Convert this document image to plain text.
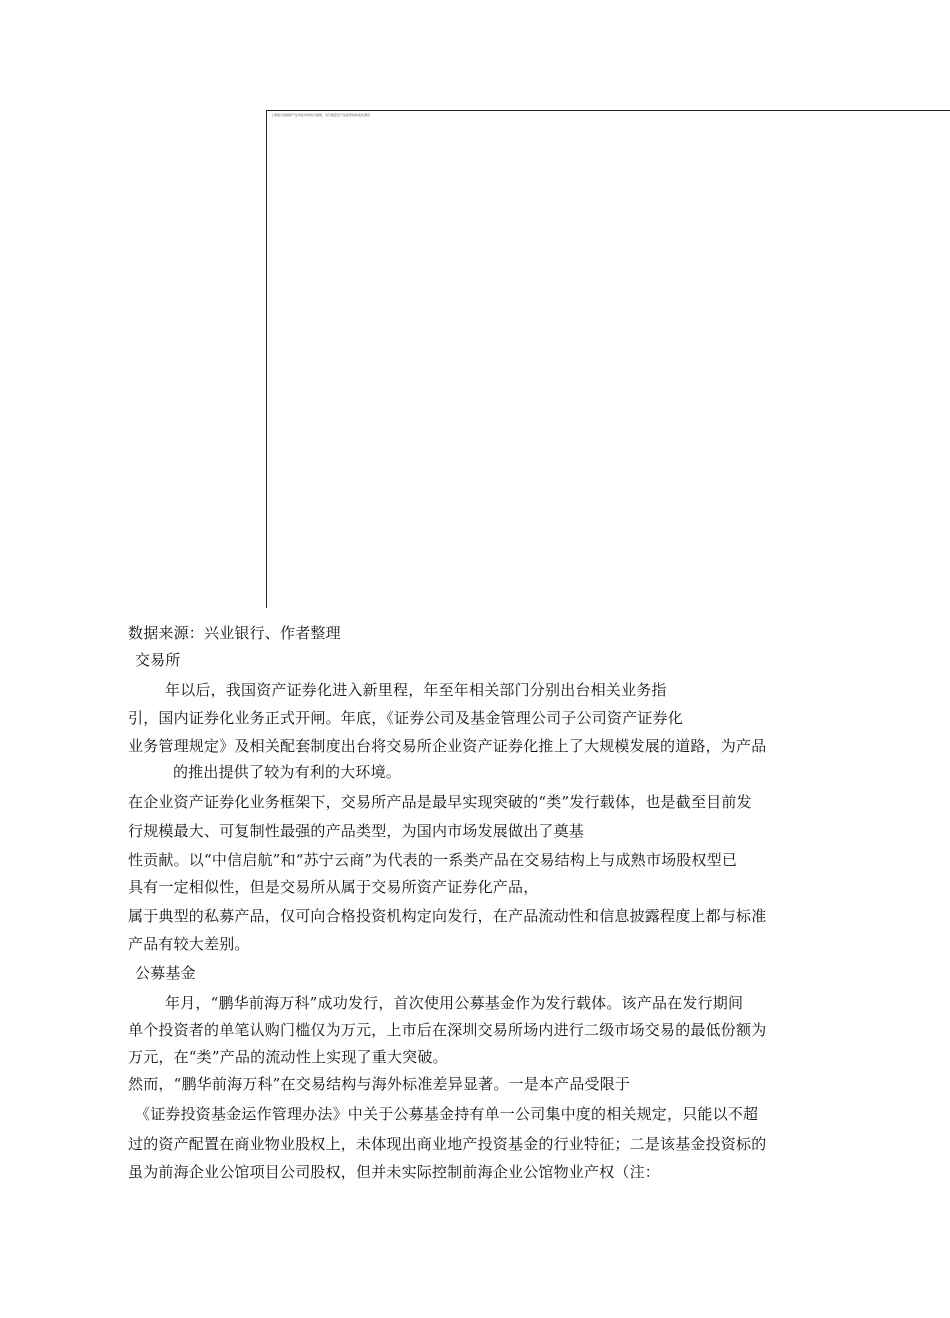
上图展示我国资产证券化市场发行规模、发行数量及产品类型结构变化情况
数据来源：兴业银行、作者整理
交易所
年以后，我国资产证券化进入新里程，年至年相关部门分别出台相关业务指
引，国内证券化业务正式开闸。年底，《证券公司及基金管理公司子公司资产证券化
业务管理规定》及相关配套制度出台将交易所企业资产证券化推上了大规模发展的道路，为产品
的推出提供了较为有利的大环境。
在企业资产证券化业务框架下，交易所产品是最早实现突破的“类”发行载体，也是截至目前发
行规模最大、可复制性最强的产品类型，为国内市场发展做出了奠基
性贡献。以“中信启航”和“苏宁云商”为代表的一系类产品在交易结构上与成熟市场股权型已
具有一定相似性，但是交易所从属于交易所资产证券化产品，
属于典型的私募产品，仅可向合格投资机构定向发行，在产品流动性和信息披露程度上都与标准
产品有较大差别。
公募基金
年月，“鹏华前海万科”成功发行，首次使用公募基金作为发行载体。该产品在发行期间
单个投资者的单笔认购门槛仅为万元，上市后在深圳交易所场内进行二级市场交易的最低份额为
万元，在“类”产品的流动性上实现了重大突破。
然而，“鹏华前海万科”在交易结构与海外标准差异显著。一是本产品受限于
《证券投资基金运作管理办法》中关于公募基金持有单一公司集中度的相关规定，只能以不超
过的资产配置在商业物业股权上，未体现出商业地产投资基金的行业特征；二是该基金投资标的
虽为前海企业公馆项目公司股权，但并未实际控制前海企业公馆物业产权（注：
